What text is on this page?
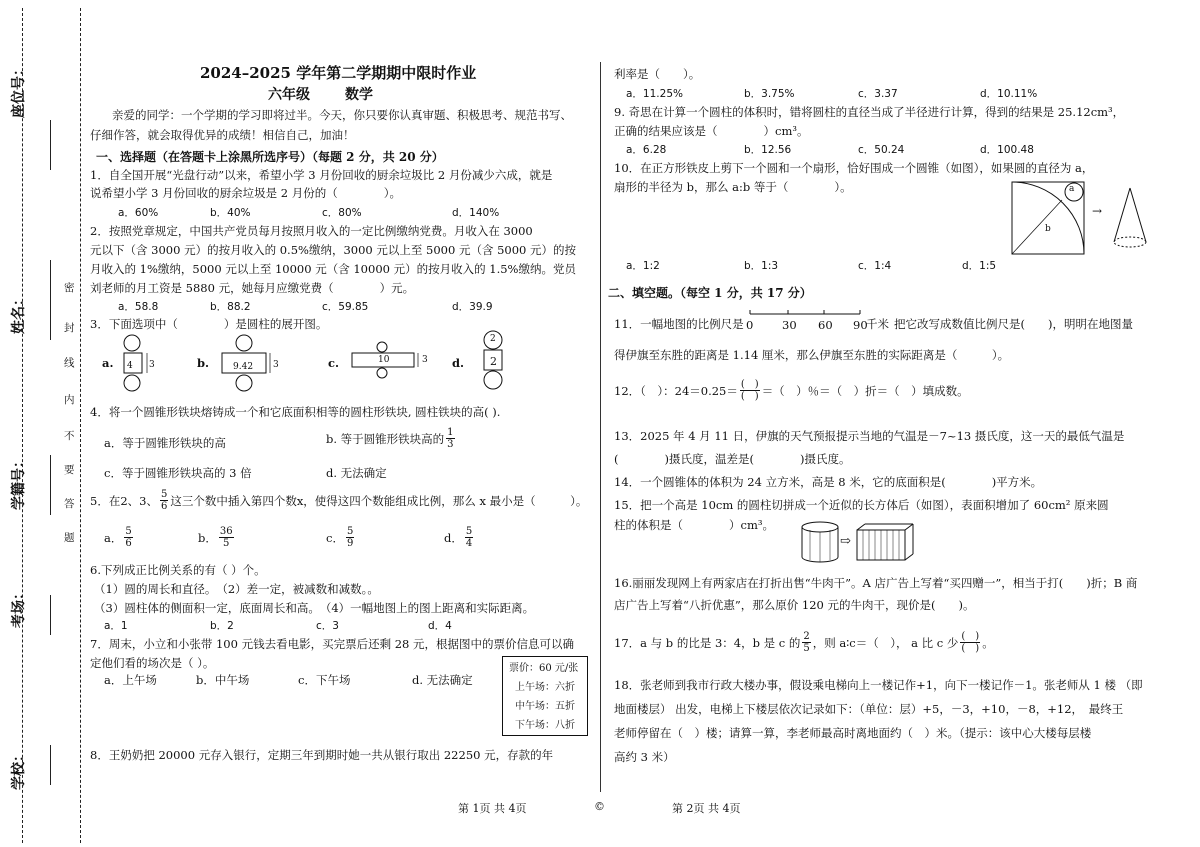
座位号：
姓名：
学籍号：
考场：
学校：
密
封
线
内
不
要
答
题
2024–2025 学年第二学期期中限时作业
六年级	数学
亲爱的同学：一个学期的学习即将过半。今天，你只要你认真审题、积极思考、规范书写、
仔细作答，就会取得优异的成绩！相信自己，加油！
一、选择题（在答题卡上涂黑所选序号）（每题 2 分，共 20 分）
1．自全国开展“光盘行动”以来，希望小学 3 月份回收的厨余垃圾比 2 月份减少六成，就是
说希望小学 3 月份回收的厨余垃圾是 2 月份的（　　　　）。
a．60%	b．40%	c．80%	d．140%
2．按照党章规定，中国共产党员每月按照月收入的一定比例缴纳党费。月收入在 3000
元以下（含 3000 元）的按月收入的 0.5%缴纳，3000 元以上至 5000 元（含 5000 元）的按
月收入的 1%缴纳，5000 元以上至 10000 元（含 10000 元）的按月收入的 1.5%缴纳。党员
刘老师的月工资是 5880 元，她每月应缴党费（　　　　）元。
a．58.8	b．88.2	c．59.85	d．39.9
3．下面选项中（　　　　）是圆柱的展开图。
a. 4 3	b.	9.42 3	c.	10	3 d.
2
2
4．将一个圆锥形铁块熔铸成一个和它底面积相等的圆柱形铁块, 圆柱铁块的高( ).
a．等于圆锥形铁块的高	b. 等于圆锥形铁块高的 $\frac{1}{3}$
c．等于圆锥形铁块高的 3 倍	d. 无法确定
5．在2、3、 $\frac{5}{6}$ 这三个数中插入第四个数x，使得这四个数能组成比例，那么 x 最小是（　　　）。
a． $\frac{5}{6}$	b． $\frac{36}{5}$	c． $\frac{5}{9}$	d． $\frac{5}{4}$
6.下列成正比例关系的有（ ）个。
（1）圆的周长和直径。　（2）差一定，被减数和减数。。
（3）圆柱体的侧面积一定，底面周长和高。　（4）一幅地图上的图上距离和实际距离。
a．1	b．2	c．3	d．4
7．周末，小立和小张带 100 元钱去看电影，买完票后还剩 28 元，根据图中的票价信息可以确
定他们看的场次是（ ）。
a．上午场	b．中午场	c．下午场	d. 无法确定
票价：60 元/张
上午场：六折
中午场：五折
下午场：八折
8．王奶奶把 20000 元存入银行，定期三年到期时她一共从银行取出 22250 元，存款的年
利率是（　　）。
a．11.25%	b．3.75%	c．3.37	d．10.11%
9. 奇思在计算一个圆柱的体积时，错将圆柱的直径当成了半径进行计算，得到的结果是 25.12cm³，
正确的结果应该是（　　　　）cm³。
a．6.28	b．12.56	c．50.24	d．100.48
10．在正方形铁皮上剪下一个圆和一个扇形，恰好围成一个圆锥（如图），如果圆的直径为 a，
扇形的半径为 b，那么 a:b 等于（　　　　）。	a
b
→
a．1:2	b．1:3	c．1:4	d．1:5
二、填空题。（每空 1 分，共 17 分）
11．一幅地图的比例尺是 0 30 60 90
千米 把它改写成数值比例尺是(　　)，明明在地图量
得伊旗至东胜的距离是 1.14 厘米，那么伊旗至东胜的实际距离是（　　　）。
12．（　）：$24=0.25= \frac{( )}{( )}$ ＝（　）％＝（　）折＝（　）填成数。
13．2025 年 4 月 11 日，伊旗的天气预报提示当地的气温是－7~13 摄氏度，这一天的最低气温是
(　　　　)摄氏度，温差是(　　　　)摄氏度。
14．一个圆锥体的体积为 24 立方米，高是 8 米，它的底面积是(　　　　)平方米。
15．把一个高是 10cm 的圆柱切拼成一个近似的长方体后（如图），表面积增加了 60cm² 原来圆
柱的体积是（　　　　）cm³。
⇨
16.丽丽发现网上有两家店在打折出售“牛肉干”。A 店广告上写着“买四赠一”，相当于打(　　)折；B 商
店广告上写着“八折优惠”，那么原价 120 元的牛肉干，现价是(　　)。
17．a 与 b 的比是 3：4，b 是 c 的 $\frac{2}{5}$ ，则 a∶c＝（　）， a 比 c 少 $\frac{( )}{( )}$ 。
18．张老师到我市行政大楼办事，假设乘电梯向上一楼记作+1，向下一楼记作－1。张老师从 1 楼 （即
地面楼层） 出发，电梯上下楼层依次记录如下：（单位：层）+5，－3，+10，－8，+12，　最终王
老师停留在（　）楼；请算一算，李老师最高时离地面约（　）米。（提示：该中心大楼每层楼
高约 3 米）
第 1页 共 4页	©	第 2页 共 4页
